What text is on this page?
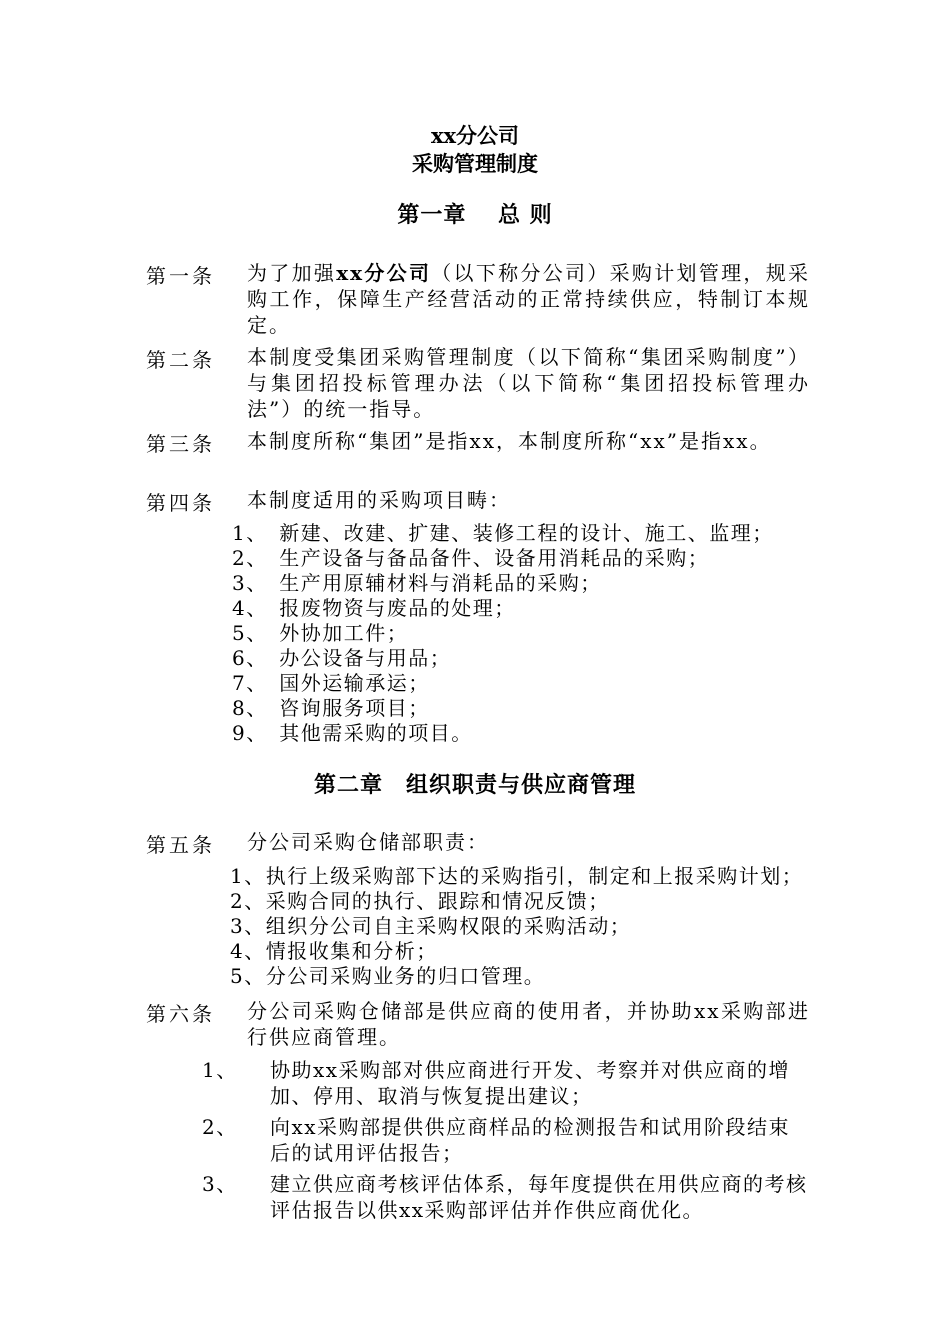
xx分公司
采购管理制度
第一章　 总 则
第一条 为了加强xx分公司（以下称分公司）采购计划管理，规采购工作，保障生产经营活动的正常持续供应，特制订本规定。
第二条 本制度受集团采购管理制度（以下简称“集团采购制度”）与集团招投标管理办法（以下简称“集团招投标管理办法”）的统一指导。
第三条 本制度所称“集团”是指xx，本制度所称“xx”是指xx。
第四条 本制度适用的采购项目畴：
1、　新建、改建、扩建、装修工程的设计、施工、监理；
2、　生产设备与备品备件、设备用消耗品的采购；
3、　生产用原辅材料与消耗品的采购；
4、　报废物资与废品的处理；
5、　外协加工件；
6、　办公设备与用品；
7、　国外运输承运；
8、　咨询服务项目；
9、　其他需采购的项目。
第二章　组织职责与供应商管理
第五条 分公司采购仓储部职责：
1、执行上级采购部下达的采购指引，制定和上报采购计划；
2、采购合同的执行、跟踪和情况反馈；
3、组织分公司自主采购权限的采购活动；
4、情报收集和分析；
5、分公司采购业务的归口管理。
第六条 分公司采购仓储部是供应商的使用者，并协助xx采购部进行供应商管理。
1、 协助xx采购部对供应商进行开发、考察并对供应商的增加、停用、取消与恢复提出建议；
2、 向xx采购部提供供应商样品的检测报告和试用阶段结束后的试用评估报告；
3、 建立供应商考核评估体系，每年度提供在用供应商的考核评估报告以供xx采购部评估并作供应商优化。
